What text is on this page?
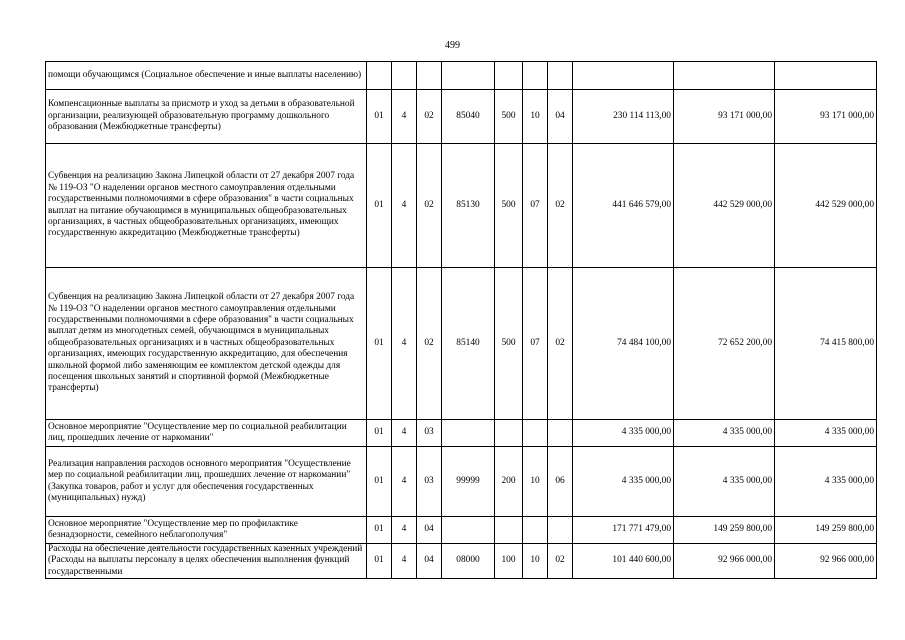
499
помощи обучающимся (Социальное обеспечение и иные выплаты населению)										
Компенсационные выплаты за присмотр и уход за детьми в образовательной организации, реализующей образовательную программу дошкольного образования (Межбюджетные трансферты)	01	4	02	85040	500	10	04	230 114 113,00	93 171 000,00	93 171 000,00
Субвенция на реализацию Закона Липецкой области от 27 декабря 2007 года № 119-ОЗ "О наделении органов местного самоуправления отдельными государственными полномочиями в сфере образования" в части социальных выплат на питание обучающимся в муниципальных общеобразовательных организациях, в частных общеобразовательных организациях, имеющих государственную аккредитацию (Межбюджетные трансферты)	01	4	02	85130	500	07	02	441 646 579,00	442 529 000,00	442 529 000,00
Субвенция на реализацию Закона Липецкой области от 27 декабря 2007 года № 119-ОЗ "О наделении органов местного самоуправления отдельными государственными полномочиями в сфере образования" в части социальных выплат детям из многодетных семей, обучающимся в муниципальных общеобразовательных организациях и в частных общеобразовательных организациях, имеющих государственную аккредитацию, для обеспечения школьной формой либо заменяющим ее комплектом детской одежды для посещения школьных занятий и спортивной формой (Межбюджетные трансферты)	01	4	02	85140	500	07	02	74 484 100,00	72 652 200,00	74 415 800,00
Основное мероприятие "Осуществление мер по социальной реабилитации лиц, прошедших лечение от наркомании"	01	4	03					4 335 000,00	4 335 000,00	4 335 000,00
Реализация направления расходов основного мероприятия "Осуществление мер по социальной реабилитации лиц, прошедших лечение от наркомании" (Закупка товаров, работ и услуг для обеспечения государственных (муниципальных) нужд)	01	4	03	99999	200	10	06	4 335 000,00	4 335 000,00	4 335 000,00
Основное мероприятие "Осуществление мер по профилактике безнадзорности, семейного неблагополучия"	01	4	04					171 771 479,00	149 259 800,00	149 259 800,00
Расходы на обеспечение деятельности государственных казенных учреждений (Расходы на выплаты персоналу в целях обеспечения выполнения функций государственными	01	4	04	08000	100	10	02	101 440 600,00	92 966 000,00	92 966 000,00
